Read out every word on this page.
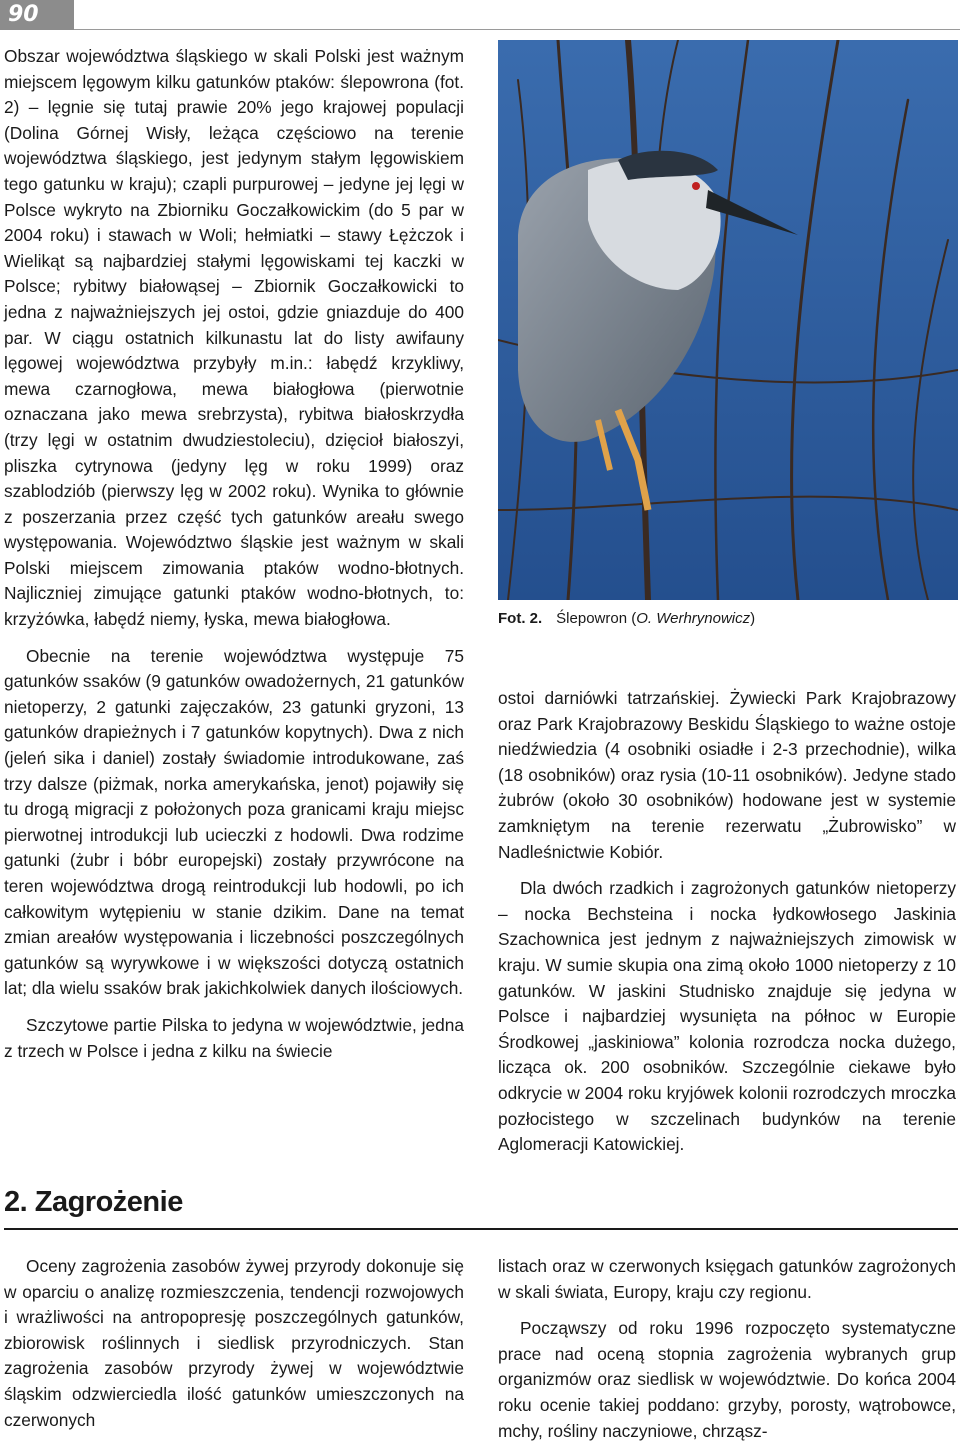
90

Obszar województwa śląskiego w skali Polski jest ważnym miejscem lęgowym kilku gatunków ptaków: ślepowrona (fot. 2) – lęgnie się tutaj prawie 20% jego krajowej populacji (Dolina Górnej Wisły, leżąca częściowo na terenie województwa śląskiego, jest jedynym stałym lęgowiskiem tego gatunku w kraju); czapli purpurowej – jedyne jej lęgi w Polsce wykryto na Zbiorniku Goczałkowickim (do 5 par w 2004 roku) i stawach w Woli; hełmiatki – stawy Łężczok i Wielikąt są najbardziej stałymi lęgowiskami tej kaczki w Polsce; rybitwy białowąsej – Zbiornik Goczałkowicki to jedna z najważniejszych jej ostoi, gdzie gniazduje do 400 par. W ciągu ostatnich kilkunastu lat do listy awifauny lęgowej województwa przybyły m.in.: łabędź krzykliwy, mewa czarnogłowa, mewa białogłowa (pierwotnie oznaczana jako mewa srebrzysta), rybitwa białoskrzydła (trzy lęgi w ostatnim dwudziestoleciu), dzięcioł białoszyi, pliszka cytrynowa (jedyny lęg w roku 1999) oraz szablodziób (pierwszy lęg w 2002 roku). Wynika to głównie z poszerzania przez część tych gatunków areału swego występowania. Województwo śląskie jest ważnym w skali Polski miejscem zimowania ptaków wodno-błotnych. Najliczniej zimujące gatunki ptaków wodno-błotnych, to: krzyżówka, łabędź niemy, łyska, mewa białogłowa.

Obecnie na terenie województwa występuje 75 gatunków ssaków (9 gatunków owadożernych, 21 gatunków nietoperzy, 2 gatunki zajęczaków, 23 gatunki gryzoni, 13 gatunków drapieżnych i 7 gatunków kopytnych). Dwa z nich (jeleń sika i daniel) zostały świadomie introdukowane, zaś trzy dalsze (piżmak, norka amerykańska, jenot) pojawiły się tu drogą migracji z położonych poza granicami kraju miejsc pierwotnej introdukcji lub ucieczki z hodowli. Dwa rodzime gatunki (żubr i bóbr europejski) zostały przywrócone na teren województwa drogą reintrodukcji lub hodowli, po ich całkowitym wytępieniu w stanie dzikim. Dane na temat zmian areałów występowania i liczebności poszczególnych gatunków są wyrywkowe i w większości dotyczą ostatnich lat; dla wielu ssaków brak jakichkolwiek danych ilościowych.

Szczytowe partie Pilska to jedyna w województwie, jedna z trzech w Polsce i jedna z kilku na świecie

Fot. 2. Ślepowron (O. Werhrynowicz)

ostoi darniówki tatrzańskiej. Żywiecki Park Krajobrazowy oraz Park Krajobrazowy Beskidu Śląskiego to ważne ostoje niedźwiedzia (4 osobniki osiadłe i 2-3 przechodnie), wilka (18 osobników) oraz rysia (10-11 osobników). Jedyne stado żubrów (około 30 osobników) hodowane jest w systemie zamkniętym na terenie rezerwatu „Żubrowisko” w Nadleśnictwie Kobiór.

Dla dwóch rzadkich i zagrożonych gatunków nietoperzy – nocka Bechsteina i nocka łydkowłosego Jaskinia Szachownica jest jednym z najważniejszych zimowisk w kraju. W sumie skupia ona zimą około 1000 nietoperzy z 10 gatunków. W jaskini Studnisko znajduje się jedyna w Polsce i najbardziej wysunięta na północ w Europie Środkowej „jaskiniowa” kolonia rozrodcza nocka dużego, licząca ok. 200 osobników. Szczególnie ciekawe było odkrycie w 2004 roku kryjówek kolonii rozrodczych mroczka pozłocistego w szczelinach budynków na terenie Aglomeracji Katowickiej.

2. Zagrożenie

Oceny zagrożenia zasobów żywej przyrody dokonuje się w oparciu o analizę rozmieszczenia, tendencji rozwojowych i wrażliwości na antropopresję poszczególnych gatunków, zbiorowisk roślinnych i siedlisk przyrodniczych. Stan zagrożenia zasobów przyrody żywej w województwie śląskim odzwierciedla ilość gatunków umieszczonych na czerwonych

listach oraz w czerwonych księgach gatunków zagrożonych w skali świata, Europy, kraju czy regionu.

Począwszy od roku 1996 rozpoczęto systematyczne prace nad oceną stopnia zagrożenia wybranych grup organizmów oraz siedlisk w województwie. Do końca 2004 roku ocenie takiej poddano: grzyby, porosty, wątrobowce, mchy, rośliny naczyniowe, chrząsz-
